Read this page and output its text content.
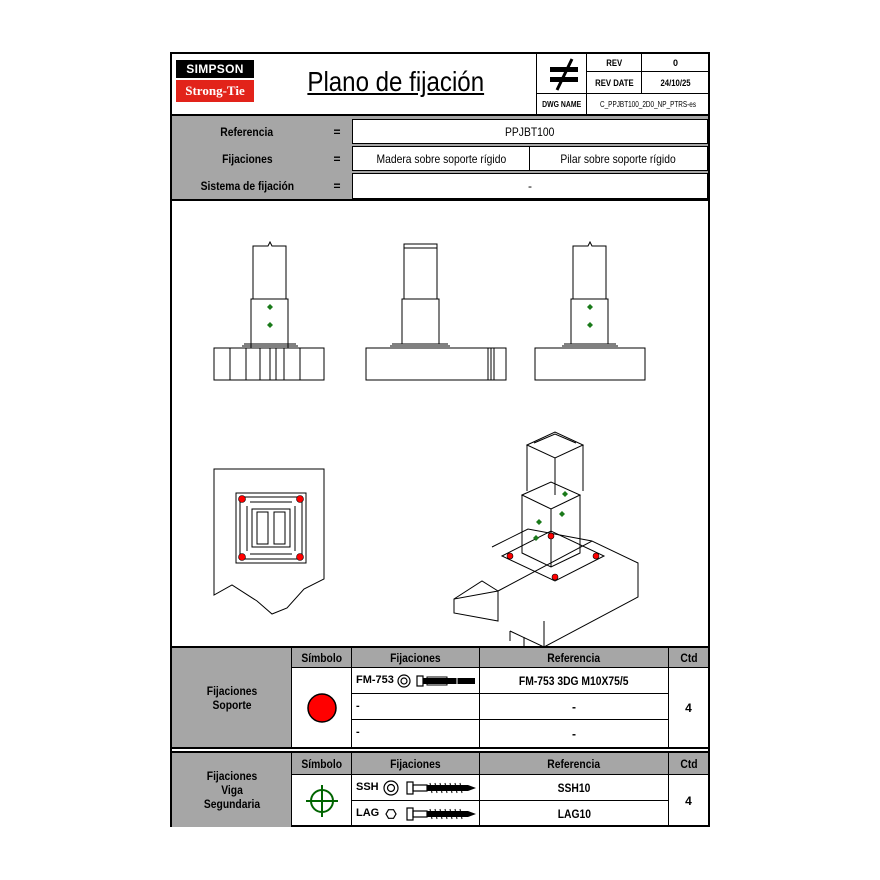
SIMPSON
Strong-Tie	Plano de fijación
REV	0
REV DATE	24/10/25
DWG NAME C_PPJBT100_2D0_NP_PTRS-es
Referencia	=	PPJBT100
Fijaciones	=	Madera sobre soporte rígido	Pilar sobre soporte rígido
Sistema de fijación	=	-
Fijaciones Soporte
Símbolo	Fijaciones	Referencia	Ctd
FM-753	FM-753 3DG M10X75/5
-	-
-	-
4
Fijaciones Viga Segundaria
Símbolo	Fijaciones	Referencia	Ctd
SSH	SSH10
LAG	LAG10
4
